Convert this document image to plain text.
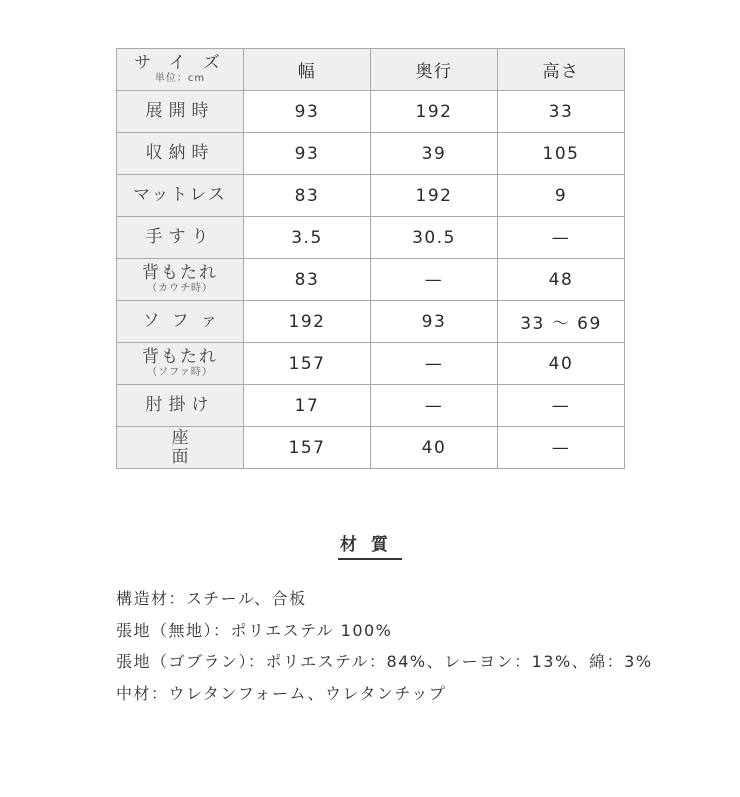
サ イ ズ
単位：cm	幅	奥行	高さ

展開時	93	192	33

収納時	93	39	105

マットレス	83	192	9

手すり	3.5	30.5	—

背もたれ
（カウチ時）	83	—	48

ソファ	192	93	33 ～ 69

背もたれ
（ソファ時）	157	—	40

肘掛け	17	—	—

座面	157	40	—
材質
構造材：スチール、合板
張地（無地）：ポリエステル 100%
張地（ゴブラン）：ポリエステル：84%、レーヨン：13%、綿：3%
中材：ウレタンフォーム、ウレタンチップ
